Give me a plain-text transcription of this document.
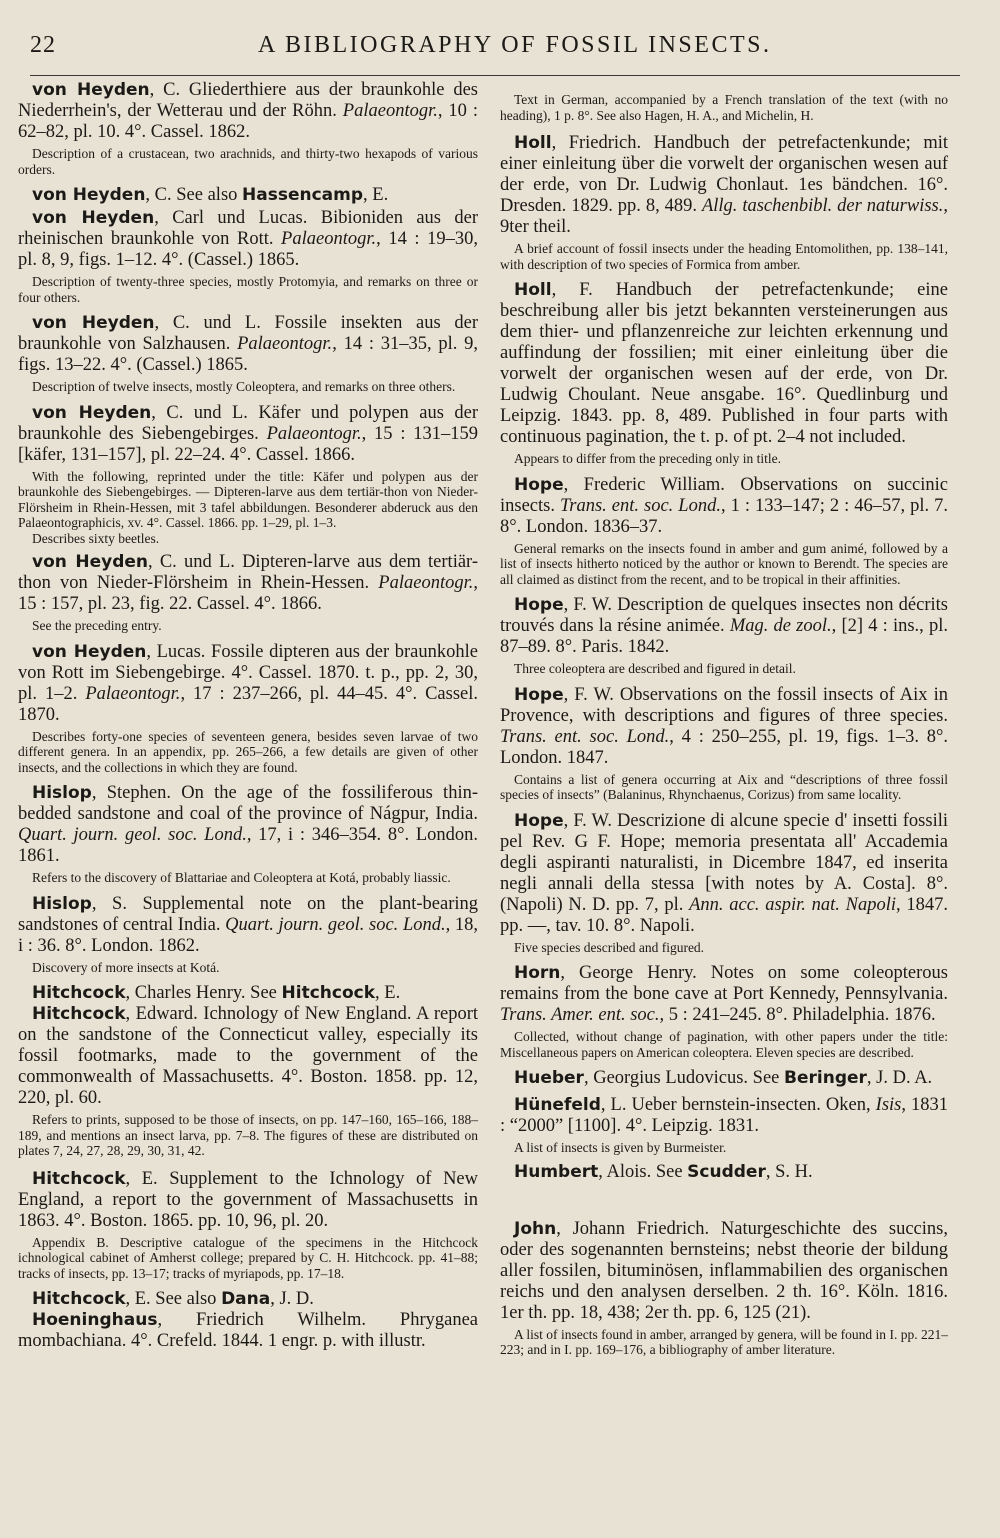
22	A BIBLIOGRAPHY OF FOSSIL INSECTS.

von Heyden, C. Gliederthiere aus der braunkohle des Niederrhein's, der Wetterau und der Röhn. Palaeontogr., 10 : 62–82, pl. 10. 4°. Cassel. 1862.

Description of a crustacean, two arachnids, and thirty-two hexapods of various orders.

von Heyden, C. See also Hassencamp, E.

von Heyden, Carl und Lucas. Bibioniden aus der rheinischen braunkohle von Rott. Palaeontogr., 14 : 19–30, pl. 8, 9, figs. 1–12. 4°. (Cassel.) 1865.

Description of twenty-three species, mostly Protomyia, and remarks on three or four others.

von Heyden, C. und L. Fossile insekten aus der braunkohle von Salzhausen. Palaeontogr., 14 : 31–35, pl. 9, figs. 13–22. 4°. (Cassel.) 1865.

Description of twelve insects, mostly Coleoptera, and remarks on three others.

von Heyden, C. und L. Käfer und polypen aus der braunkohle des Siebengebirges. Palaeontogr., 15 : 131–159 [käfer, 131–157], pl. 22–24. 4°. Cassel. 1866.

With the following, reprinted under the title: Käfer und polypen aus der braunkohle des Siebengebirges. — Dipteren-larve aus dem tertiär-thon von Nieder-Flörsheim in Rhein-Hessen, mit 3 tafel abbildungen. Besonderer abderuck aus den Palaeontographicis, xv. 4°. Cassel. 1866. pp. 1–29, pl. 1–3.

Describes sixty beetles.

von Heyden, C. und L. Dipteren-larve aus dem tertiär-thon von Nieder-Flörsheim in Rhein-Hessen. Palaeontogr., 15 : 157, pl. 23, fig. 22. Cassel. 4°. 1866.

See the preceding entry.

von Heyden, Lucas. Fossile dipteren aus der braunkohle von Rott im Siebengebirge. 4°. Cassel. 1870. t. p., pp. 2, 30, pl. 1–2. Palaeontogr., 17 : 237–266, pl. 44–45. 4°. Cassel. 1870.

Describes forty-one species of seventeen genera, besides seven larvae of two different genera. In an appendix, pp. 265–266, a few details are given of other insects, and the collections in which they are found.

Hislop, Stephen. On the age of the fossiliferous thin-bedded sandstone and coal of the province of Nágpur, India. Quart. journ. geol. soc. Lond., 17, i : 346–354. 8°. London. 1861.

Refers to the discovery of Blattariae and Coleoptera at Kotá, probably liassic.

Hislop, S. Supplemental note on the plant-bearing sandstones of central India. Quart. journ. geol. soc. Lond., 18, i : 36. 8°. London. 1862.

Discovery of more insects at Kotá.

Hitchcock, Charles Henry. See Hitchcock, E.

Hitchcock, Edward. Ichnology of New England. A report on the sandstone of the Connecticut valley, especially its fossil footmarks, made to the government of the commonwealth of Massachusetts. 4°. Boston. 1858. pp. 12, 220, pl. 60.

Refers to prints, supposed to be those of insects, on pp. 147–160, 165–166, 188–189, and mentions an insect larva, pp. 7–8. The figures of these are distributed on plates 7, 24, 27, 28, 29, 30, 31, 42.

Hitchcock, E. Supplement to the Ichnology of New England, a report to the government of Massachusetts in 1863. 4°. Boston. 1865. pp. 10, 96, pl. 20.

Appendix B. Descriptive catalogue of the specimens in the Hitchcock ichnological cabinet of Amherst college; prepared by C. H. Hitchcock. pp. 41–88; tracks of insects, pp. 13–17; tracks of myriapods, pp. 17–18.

Hitchcock, E. See also Dana, J. D.

Hoeninghaus, Friedrich Wilhelm. Phryganea mombachiana. 4°. Crefeld. 1844. 1 engr. p. with illustr.

Text in German, accompanied by a French translation of the text (with no heading), 1 p. 8°. See also Hagen, H. A., and Michelin, H.

Holl, Friedrich. Handbuch der petrefactenkunde; mit einer einleitung über die vorwelt der organischen wesen auf der erde, von Dr. Ludwig Chonlaut. 1es bändchen. 16°. Dresden. 1829. pp. 8, 489. Allg. taschenbibl. der naturwiss., 9ter theil.

A brief account of fossil insects under the heading Entomolithen, pp. 138–141, with description of two species of Formica from amber.

Holl, F. Handbuch der petrefactenkunde; eine beschreibung aller bis jetzt bekannten versteinerungen aus dem thier- und pflanzenreiche zur leichten erkennung und auffindung der fossilien; mit einer einleitung über die vorwelt der organischen wesen auf der erde, von Dr. Ludwig Choulant. Neue ansgabe. 16°. Quedlinburg und Leipzig. 1843. pp. 8, 489. Published in four parts with continuous pagination, the t. p. of pt. 2–4 not included.

Appears to differ from the preceding only in title.

Hope, Frederic William. Observations on succinic insects. Trans. ent. soc. Lond., 1 : 133–147; 2 : 46–57, pl. 7. 8°. London. 1836–37.

General remarks on the insects found in amber and gum animé, followed by a list of insects hitherto noticed by the author or known to Berendt. The species are all claimed as distinct from the recent, and to be tropical in their affinities.

Hope, F. W. Description de quelques insectes non décrits trouvés dans la résine animée. Mag. de zool., [2] 4 : ins., pl. 87–89. 8°. Paris. 1842.

Three coleoptera are described and figured in detail.

Hope, F. W. Observations on the fossil insects of Aix in Provence, with descriptions and figures of three species. Trans. ent. soc. Lond., 4 : 250–255, pl. 19, figs. 1–3. 8°. London. 1847.

Contains a list of genera occurring at Aix and “descriptions of three fossil species of insects” (Balaninus, Rhynchaenus, Corizus) from same locality.

Hope, F. W. Descrizione di alcune specie d' insetti fossili pel Rev. G F. Hope; memoria presentata all' Accademia degli aspiranti naturalisti, in Dicembre 1847, ed inserita negli annali della stessa [with notes by A. Costa]. 8°. (Napoli) N. D. pp. 7, pl. Ann. acc. aspir. nat. Napoli, 1847. pp. —, tav. 10. 8°. Napoli.

Five species described and figured.

Horn, George Henry. Notes on some coleopterous remains from the bone cave at Port Kennedy, Pennsylvania. Trans. Amer. ent. soc., 5 : 241–245. 8°. Philadelphia. 1876.

Collected, without change of pagination, with other papers under the title: Miscellaneous papers on American coleoptera. Eleven species are described.

Hueber, Georgius Ludovicus. See Beringer, J. D. A.

Hünefeld, L. Ueber bernstein-insecten. Oken, Isis, 1831 : “2000” [1100]. 4°. Leipzig. 1831.

A list of insects is given by Burmeister.

Humbert, Alois. See Scudder, S. H.

John, Johann Friedrich. Naturgeschichte des succins, oder des sogenannten bernsteins; nebst theorie der bildung aller fossilen, bituminösen, inflammabilien des organischen reichs und den analysen derselben. 2 th. 16°. Köln. 1816. 1er th. pp. 18, 438; 2er th. pp. 6, 125 (21).

A list of insects found in amber, arranged by genera, will be found in I. pp. 221–223; and in I. pp. 169–176, a bibliography of amber literature.
